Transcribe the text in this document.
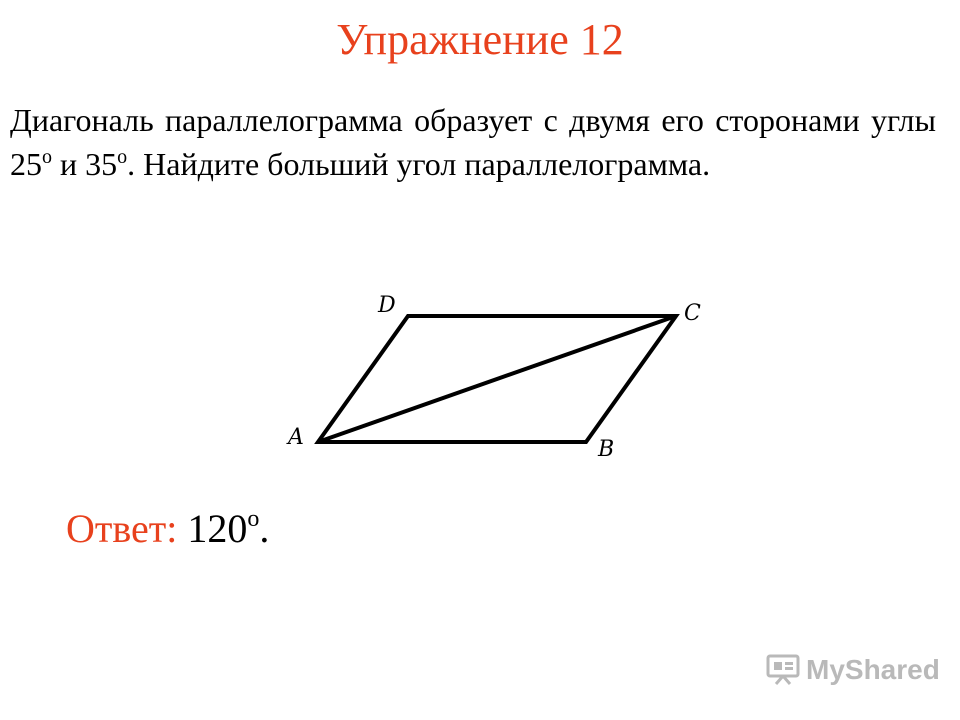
Упражнение 12

Диагональ параллелограмма образует с двумя его сторонами углы $25^о$ и $35^о$. Найдите больший угол параллелограмма.

D	C
A	B

Ответ: $120^о$.

MyShared
